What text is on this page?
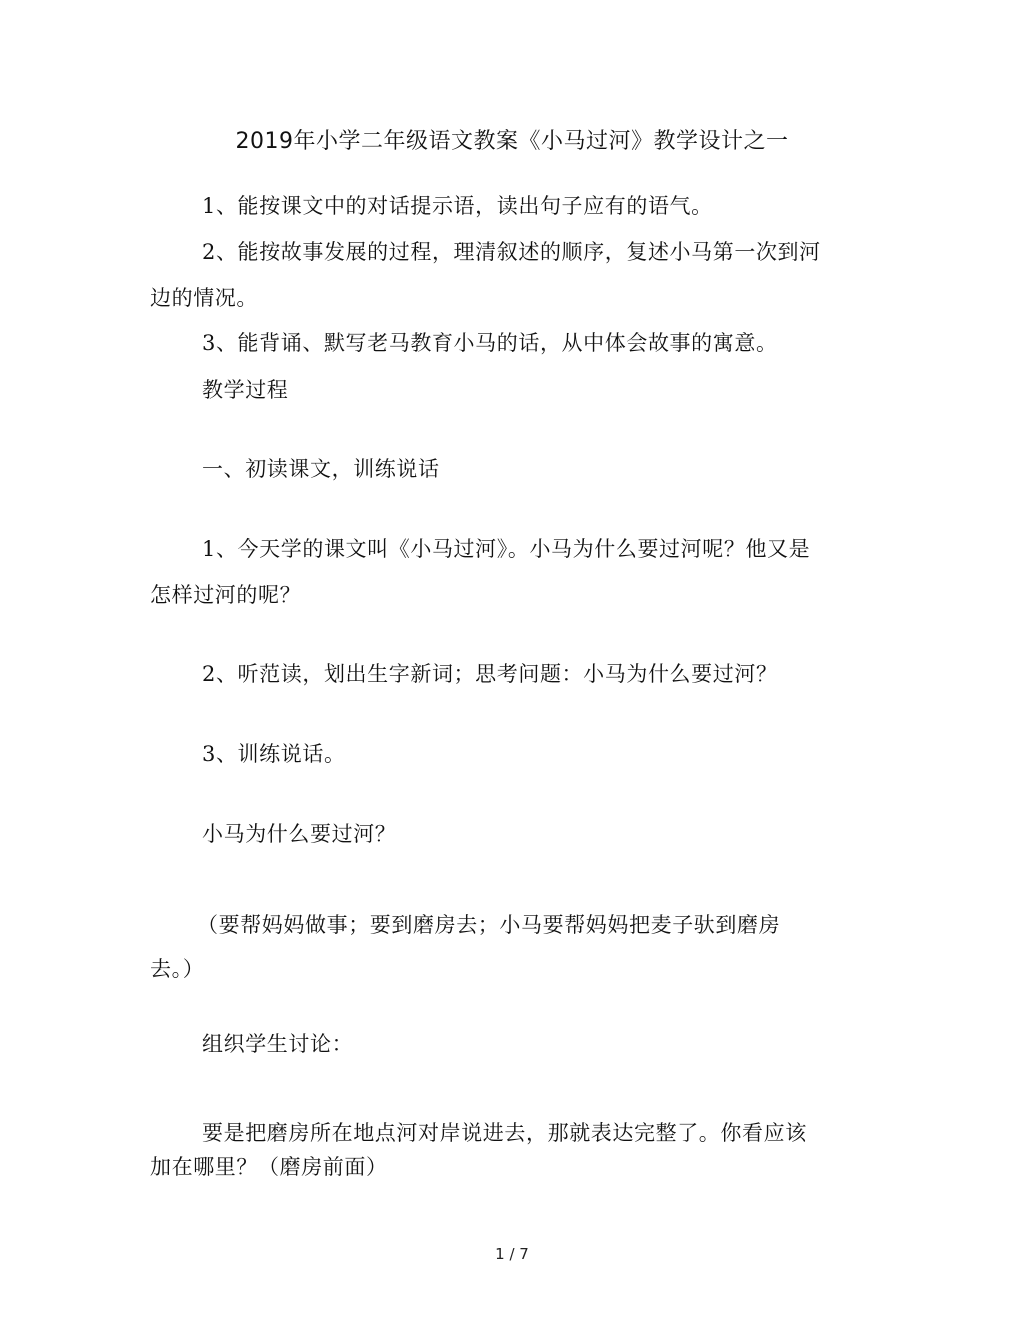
2019年小学二年级语文教案《小马过河》教学设计之一
1、能按课文中的对话提示语，读出句子应有的语气。
2、能按故事发展的过程，理清叙述的顺序，复述小马第一次到河
边的情况。
3、能背诵、默写老马教育小马的话，从中体会故事的寓意。
教学过程
一、初读课文，训练说话
1、今天学的课文叫《小马过河》。小马为什么要过河呢？他又是
怎样过河的呢？
2、听范读，划出生字新词；思考问题：小马为什么要过河？
3、训练说话。
小马为什么要过河？
（要帮妈妈做事；要到磨房去；小马要帮妈妈把麦子驮到磨房
去。）
组织学生讨论：
要是把磨房所在地点河对岸说进去，那就表达完整了。你看应该
加在哪里？（磨房前面）
1 / 7
